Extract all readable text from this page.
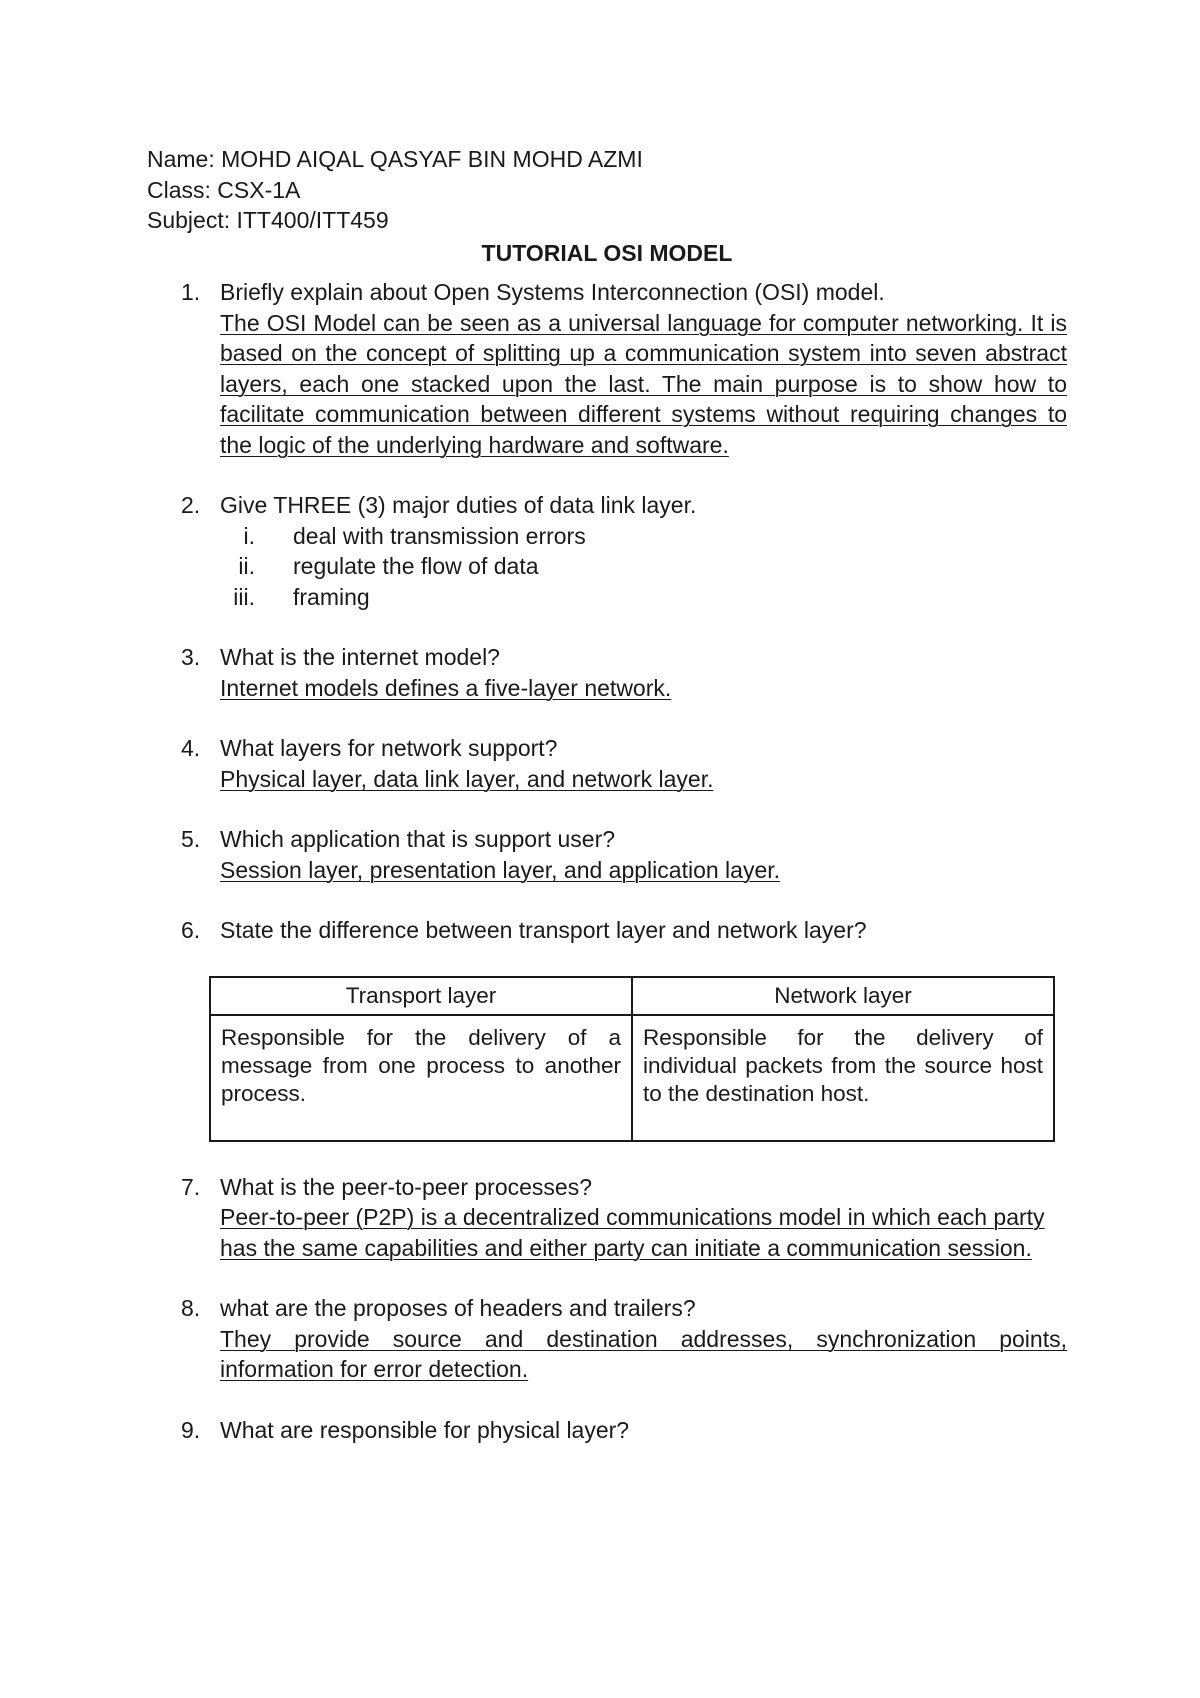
Name: MOHD AIQAL QASYAF BIN MOHD AZMI

Class: CSX-1A

Subject: ITT400/ITT459

TUTORIAL OSI MODEL
1. Briefly explain about Open Systems Interconnection (OSI) model.
The OSI Model can be seen as a universal language for computer networking. It is based on the concept of splitting up a communication system into seven abstract layers, each one stacked upon the last. The main purpose is to show how to facilitate communication between different systems without requiring changes to the logic of the underlying hardware and software.
2. Give THREE (3) major duties of data link layer.
i. deal with transmission errors
ii. regulate the flow of data
iii. framing
3. What is the internet model?
Internet models defines a five-layer network.
4. What layers for network support?
Physical layer, data link layer, and network layer.
5. Which application that is support user?
Session layer, presentation layer, and application layer.
6. State the difference between transport layer and network layer?
Transport layer	Network layer
Responsible for the delivery of a message from one process to another process.	Responsible for the delivery of individual packets from the source host to the destination host.
7. What is the peer-to-peer processes?
Peer-to-peer (P2P) is a decentralized communications model in which each party has the same capabilities and either party can initiate a communication session.
8. what are the proposes of headers and trailers?
They provide source and destination addresses, synchronization points, information for error detection.
9. What are responsible for physical layer?
